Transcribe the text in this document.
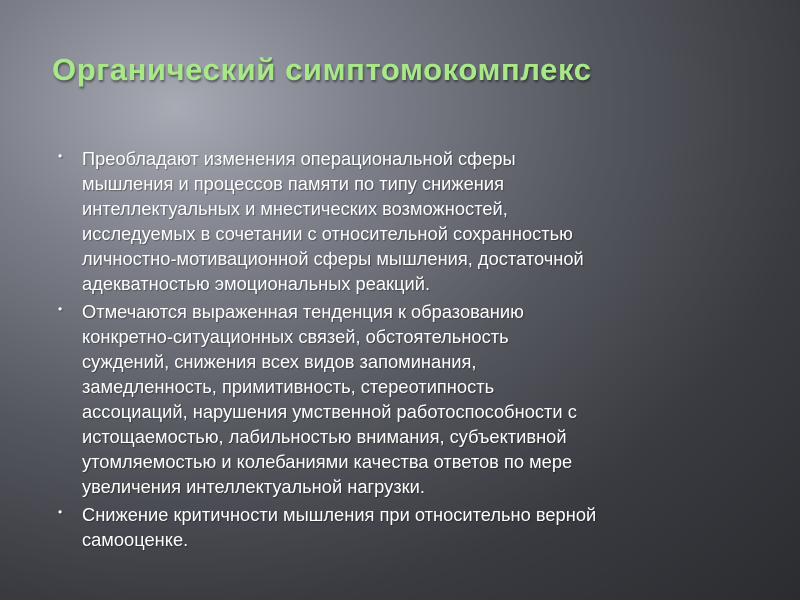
Органический симптомокомплекс
• Преобладают изменения операциональной сферы
мышления и процессов памяти по типу снижения
интеллектуальных и мнестических возможностей,
исследуемых в сочетании с относительной сохранностью
личностно-мотивационной сферы мышления, достаточной
адекватностью эмоциональных реакций.
• Отмечаются выраженная тенденция к образованию
конкретно-ситуационных связей, обстоятельность
суждений, снижения всех видов запоминания,
замедленность, примитивность, стереотипность
ассоциаций, нарушения умственной работоспособности с
истощаемостью, лабильностью внимания, субъективной
утомляемостью и колебаниями качества ответов по мере
увеличения интеллектуальной нагрузки.
• Снижение критичности мышления при относительно верной
самооценке.
